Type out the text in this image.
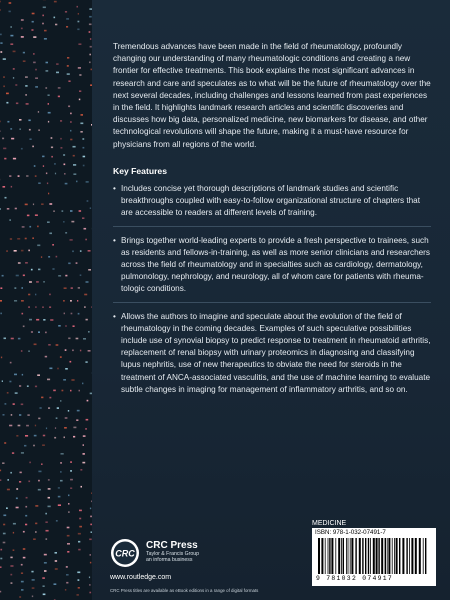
Tremendous advances have been made in the field of rheumatology, profoundly changing our understanding of many rheumatologic conditions and creating a new frontier for effective treatments. This book explains the most significant advances in research and care and speculates as to what will be the future of rheumatology over the next several decades, including challenges and lessons learned from past experiences in the field. It highlights landmark research articles and scientific discoveries and discusses how big data, personalized medicine, new biomarkers for disease, and other technological revolutions will shape the future, making it a must-have resource for physicians from all regions of the world.

Key Features
• Includes concise yet thorough descriptions of landmark studies and scientific breakthroughs coupled with easy-to-follow organizational structure of chapters that are accessible to readers at different levels of training.
• Brings together world-leading experts to provide a fresh perspective to trainees, such as residents and fellows-in-training, as well as more senior clinicians and researchers across the field of rheumatology and in specialties such as cardiology, dermatology, pulmonology, nephrology, and neurology, all of whom care for patients with rheumatologic conditions.
• Allows the authors to imagine and speculate about the evolution of the field of rheumatology in the coming decades. Examples of such speculative possibilities include use of synovial biopsy to predict response to treatment in rheumatoid arthritis, replacement of renal biopsy with urinary proteomics in diagnosing and classifying lupus nephritis, use of new therapeutics to obviate the need for steroids in the treatment of ANCA-associated vasculitis, and the use of machine learning to evaluate subtle changes in imaging for management of inflammatory arthritis, and so on.
CRC
CRC Press
Taylor & Francis Group
an informa business
www.routledge.com
CRC Press titles are available as eBook editions in a range of digital formats
MEDICINE
ISBN: 978-1-032-07491-7
9 781032 074917
